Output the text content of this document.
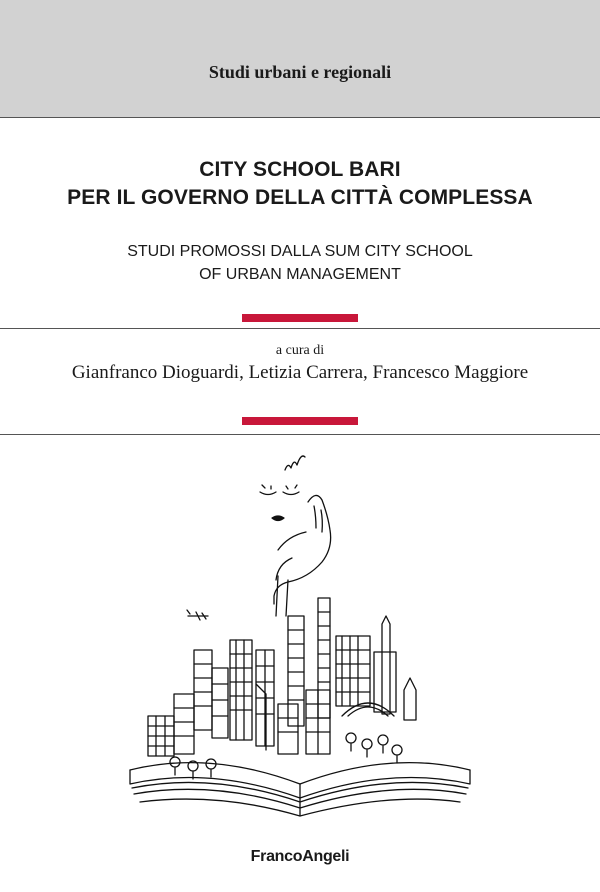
Studi urbani e regionali
CITY SCHOOL BARI
PER IL GOVERNO DELLA CITTÀ COMPLESSA
STUDI PROMOSSI DALLA SUM CITY SCHOOL
OF URBAN MANAGEMENT
a cura di
Gianfranco Dioguardi, Letizia Carrera, Francesco Maggiore
FrancoAngeli
